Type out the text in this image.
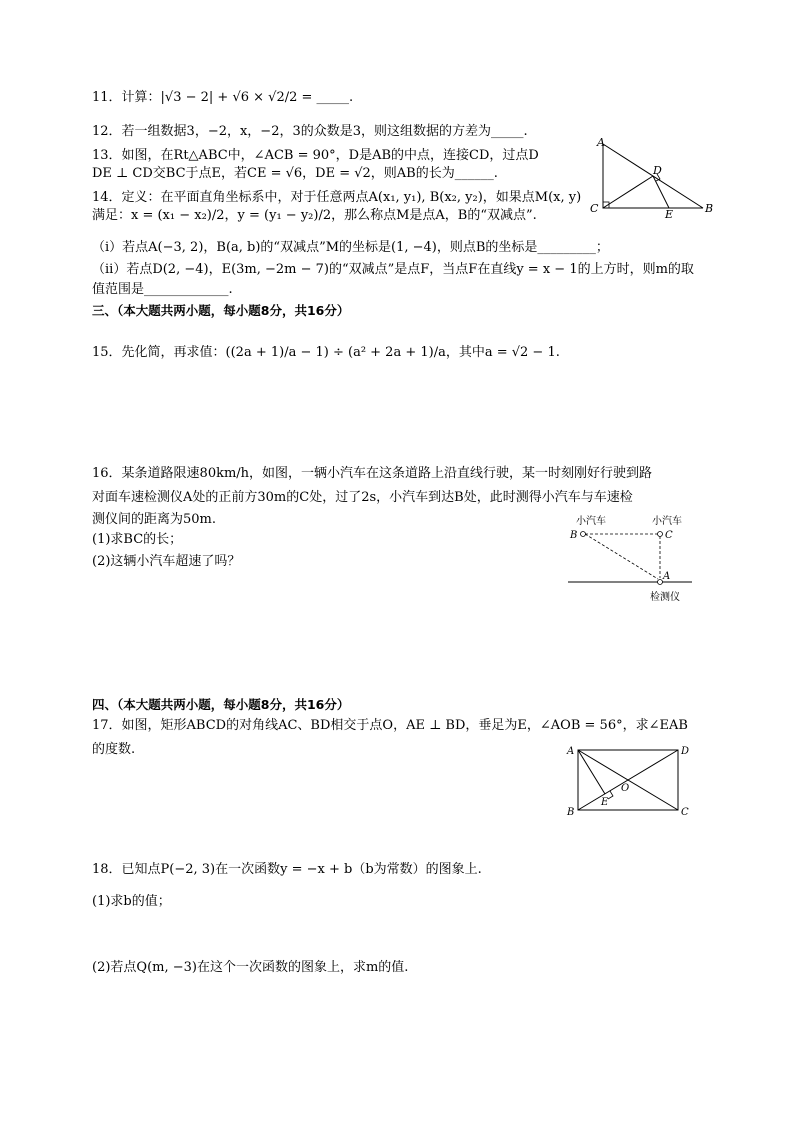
11．计算：|√3 − 2| + √6 × √2/2 = _____.
12．若一组数据3，−2，x，−2，3的众数是3，则这组数据的方差为_____.
13．如图，在Rt△ABC中，∠ACB = 90°，D是AB的中点，连接CD，过点D
DE ⊥ CD交BC于点E，若CE = √6，DE = √2，则AB的长为______.
14．定义：在平面直角坐标系中，对于任意两点A(x₁, y₁), B(x₂, y₂)，如果点M(x, y)
满足：x = (x₁ − x₂)/2，y = (y₁ − y₂)/2，那么称点M是点A，B的“双减点”.
（i）若点A(−3, 2)，B(a, b)的“双减点”M的坐标是(1, −4)，则点B的坐标是_________；
（ii）若点D(2, −4)，E(3m, −2m − 7)的“双减点”是点F，当点F在直线y = x − 1的上方时，则m的取
值范围是_____________.
三、（本大题共两小题，每小题8分，共16分）
15．先化简，再求值：((2a + 1)/a − 1) ÷ (a² + 2a + 1)/a，其中a = √2 − 1.
16．某条道路限速80km/h，如图，一辆小汽车在这条道路上沿直线行驶，某一时刻刚好行驶到路
对面车速检测仪A处的正前方30m的C处，过了2s，小汽车到达B处，此时测得小汽车与车速检
测仪间的距离为50m.
(1)求BC的长；
(2)这辆小汽车超速了吗？
四、（本大题共两小题，每小题8分，共16分）
17．如图，矩形ABCD的对角线AC、BD相交于点O，AE ⊥ BD，垂足为E，∠AOB = 56°，求∠EAB
的度数.
18．已知点P(−2, 3)在一次函数y = −x + b（b为常数）的图象上.
(1)求b的值；
(2)若点Q(m, −3)在这个一次函数的图象上，求m的值.
A
C	B
D
E
小汽车	小汽车
B	C
A
检测仪
A	D
B	C
E
O
